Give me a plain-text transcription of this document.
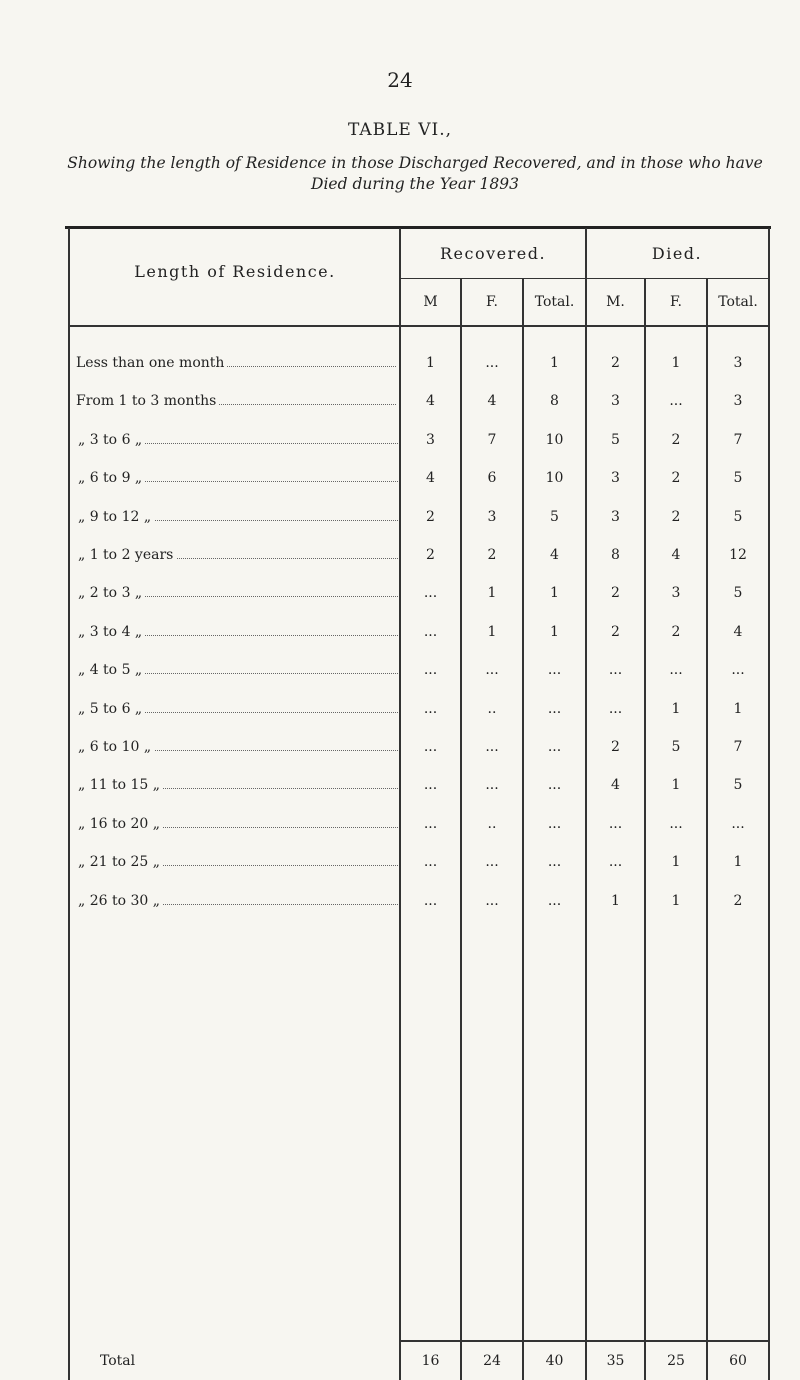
24
TABLE VI.,
Showing the length of Residence in those Discharged Recovered, and in those who have
Died during the Year 1893
Length of Residence.
Recovered.	Died.
M	F.	Total.	M.	F.	Total.
Less than one month	1	...	1	2	1	3
From 1 to 3 months	4	4	8	3	...	3
„ 3 to 6 „	3	7	10	5	2	7
„ 6 to 9 „	4	6	10	3	2	5
„ 9 to 12 „	2	3	5	3	2	5
„ 1 to 2 years	2	2	4	8	4	12
„ 2 to 3 „	...	1	1	2	3	5
„ 3 to 4 „	...	1	1	2	2	4
„ 4 to 5 „	...	...	...	...	...	...
„ 5 to 6 „	...	..	...	...	1	1
„ 6 to 10 „	...	...	...	2	5	7
„ 11 to 15 „	...	...	...	4	1	5
„ 16 to 20 „	...	..	...	...	...	...
„ 21 to 25 „	...	...	...	...	1	1
„ 26 to 30 „	...	...	...	1	1	2
Total	16	24	40	35	25	60
